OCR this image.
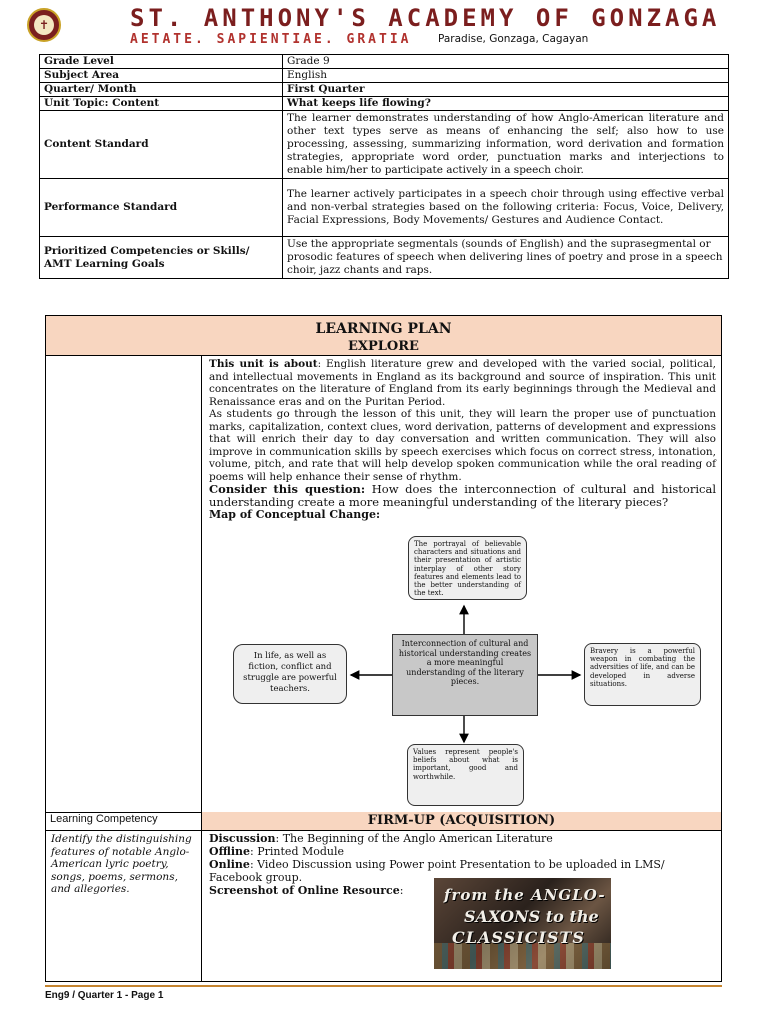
✝	ST. ANTHONY'S ACADEMY OF GONZAGA
AETATE. SAPIENTIAE. GRATIA	Paradise, Gonzaga, Cagayan
Grade Level	Grade 9
Subject Area	English
Quarter/ Month	First Quarter
Unit Topic: Content	What keeps life flowing?
Content Standard	The learner demonstrates understanding of how Anglo-American literature and other text types serve as means of enhancing the self; also how to use processing, assessing, summarizing information, word derivation and formation strategies, appropriate word order, punctuation marks and interjections to enable him/her to participate actively in a speech choir.
Performance Standard	The learner actively participates in a speech choir through using effective verbal and non-verbal strategies based on the following criteria: Focus, Voice, Delivery, Facial Expressions, Body Movements/ Gestures and Audience Contact.
Prioritized Competencies or Skills/ AMT Learning Goals	Use the appropriate segmentals (sounds of English) and the suprasegmental or prosodic features of speech when delivering lines of poetry and prose in a speech choir, jazz chants and raps.
LEARNING PLAN
EXPLORE

This unit is about: English literature grew and developed with the varied social, political, and intellectual movements in England as its background and source of inspiration. This unit concentrates on the literature of England from its early beginnings through the Medieval and Renaissance eras and on the Puritan Period.

As students go through the lesson of this unit, they will learn the proper use of punctuation marks, capitalization, context clues, word derivation, patterns of development and expressions that will enrich their day to day conversation and written communication. They will also improve in communication skills by speech exercises which focus on correct stress, intonation, volume, pitch, and rate that will help develop spoken communication while the oral reading of poems will help enhance their sense of rhythm.

Consider this question: How does the interconnection of cultural and historical understanding create a more meaningful understanding of the literary pieces?

Map of Conceptual Change:

The portrayal of believable characters and situations and their presentation of artistic interplay of other story features and elements lead to the better understanding of the text.
In life, as well as fiction, conflict and struggle are powerful teachers.
Interconnection of cultural and historical understanding creates a more meaningful understanding of the literary pieces.
Bravery is a powerful weapon in combating the adversities of life, and can be developed in adverse situations.
Values represent people's beliefs about what is important, good and worthwhile.
Learning Competency	FIRM-UP (ACQUISITION)
Identify the distinguishing features of notable Anglo-American lyric poetry, songs, poems, sermons, and allegories.
Discussion: The Beginning of the Anglo American Literature
Offline: Printed Module
Online: Video Discussion using Power point Presentation to be uploaded in LMS/ Facebook group.
Screenshot of Online Resource:	from the ANGLO-
SAXONS to the
CLASSICISTS
Eng9 / Quarter 1 - Page 1
